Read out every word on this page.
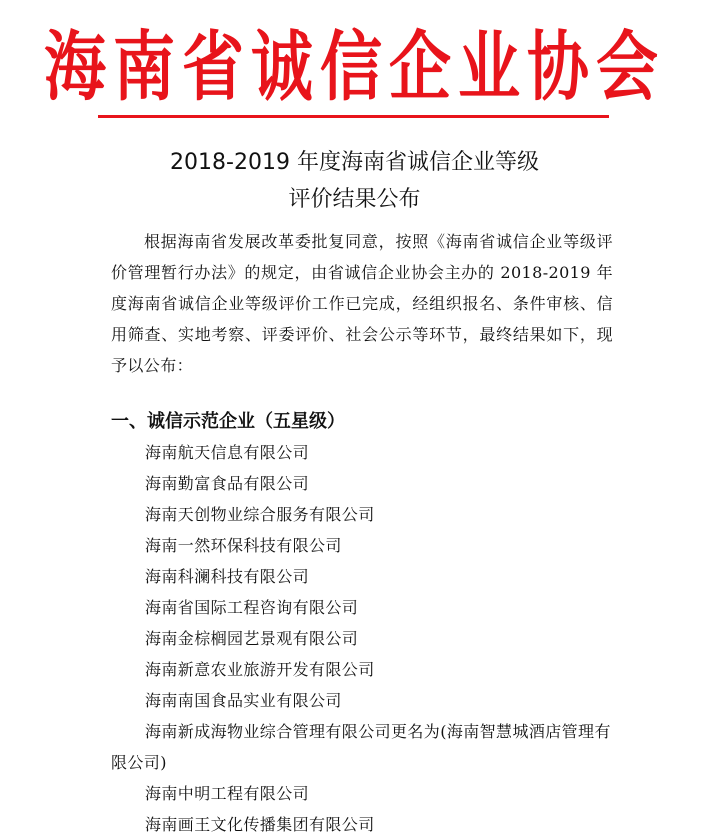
海南省诚信企业协会
2018-2019 年度海南省诚信企业等级
评价结果公布

根据海南省发展改革委批复同意，按照《海南省诚信企业等级评价管理暂行办法》的规定，由省诚信企业协会主办的 2018-2019 年度海南省诚信企业等级评价工作已完成，经组织报名、条件审核、信用筛查、实地考察、评委评价、社会公示等环节，最终结果如下，现予以公布：

一、诚信示范企业（五星级）
海南航天信息有限公司
海南勤富食品有限公司
海南天创物业综合服务有限公司
海南一然环保科技有限公司
海南科澜科技有限公司
海南省国际工程咨询有限公司
海南金棕榈园艺景观有限公司
海南新意农业旅游开发有限公司
海南南国食品实业有限公司
海南新成海物业综合管理有限公司更名为(海南智慧城酒店管理有限公司)
海南中明工程有限公司
海南画王文化传播集团有限公司
